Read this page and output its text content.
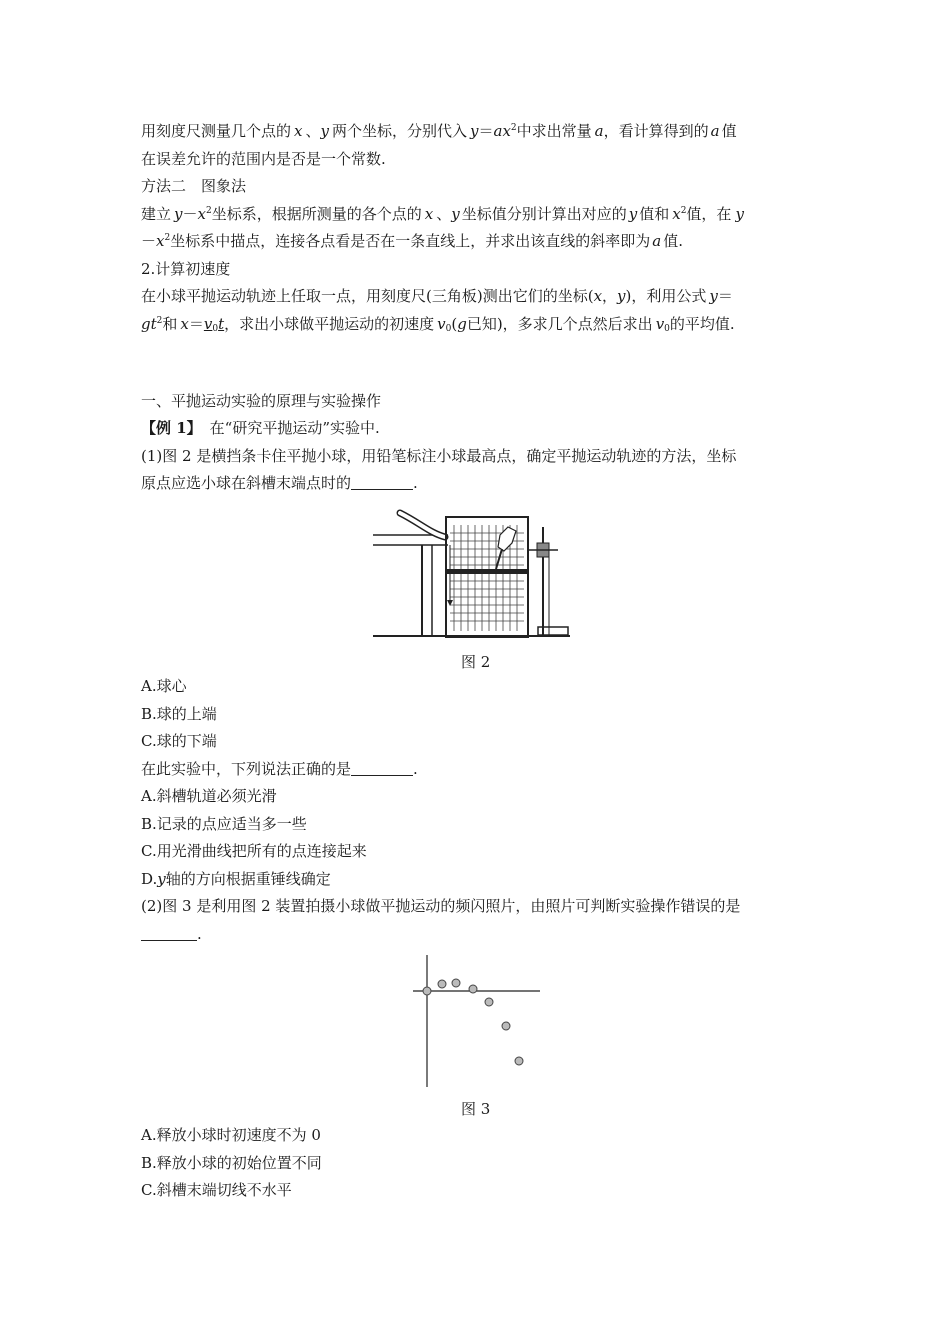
用刻度尺测量几个点的 x 、y 两个坐标，分别代入 $y=ax^2$中求出常量 a，看计算得到的 a 值
在误差允许的范围内是否是一个常数.
方法二　图象法
建立 $y-x^2$坐标系，根据所测量的各个点的 x 、y 坐标值分别计算出对应的 y 值和 $x^2$值，在 y
$-x^2$坐标系中描点，连接各点看是否在一条直线上，并求出该直线的斜率即为 a 值.
2.计算初速度
在小球平抛运动轨迹上任取一点，用刻度尺(三角板)测出它们的坐标(x，y)，利用公式 y＝
$gt^2$和 $x=v_0t$，求出小球做平抛运动的初速度 $v_0(g$已知)，多求几个点然后求出 $v_0$的平均值.
一、平抛运动实验的原理与实验操作
【例 1】 在“研究平抛运动”实验中.
(1)图 2 是横挡条卡住平抛小球，用铅笔标注小球最高点，确定平抛运动轨迹的方法，坐标
原点应选小球在斜槽末端点时的	.
图 2
A.球心
B.球的上端
C.球的下端
在此实验中，下列说法正确的是	.
A.斜槽轨道必须光滑
B.记录的点应适当多一些
C.用光滑曲线把所有的点连接起来
D.y轴的方向根据重锤线确定
(2)图 3 是利用图 2 装置拍摄小球做平抛运动的频闪照片，由照片可判断实验操作错误的是
.
图 3
A.释放小球时初速度不为 0
B.释放小球的初始位置不同
C.斜槽末端切线不水平
